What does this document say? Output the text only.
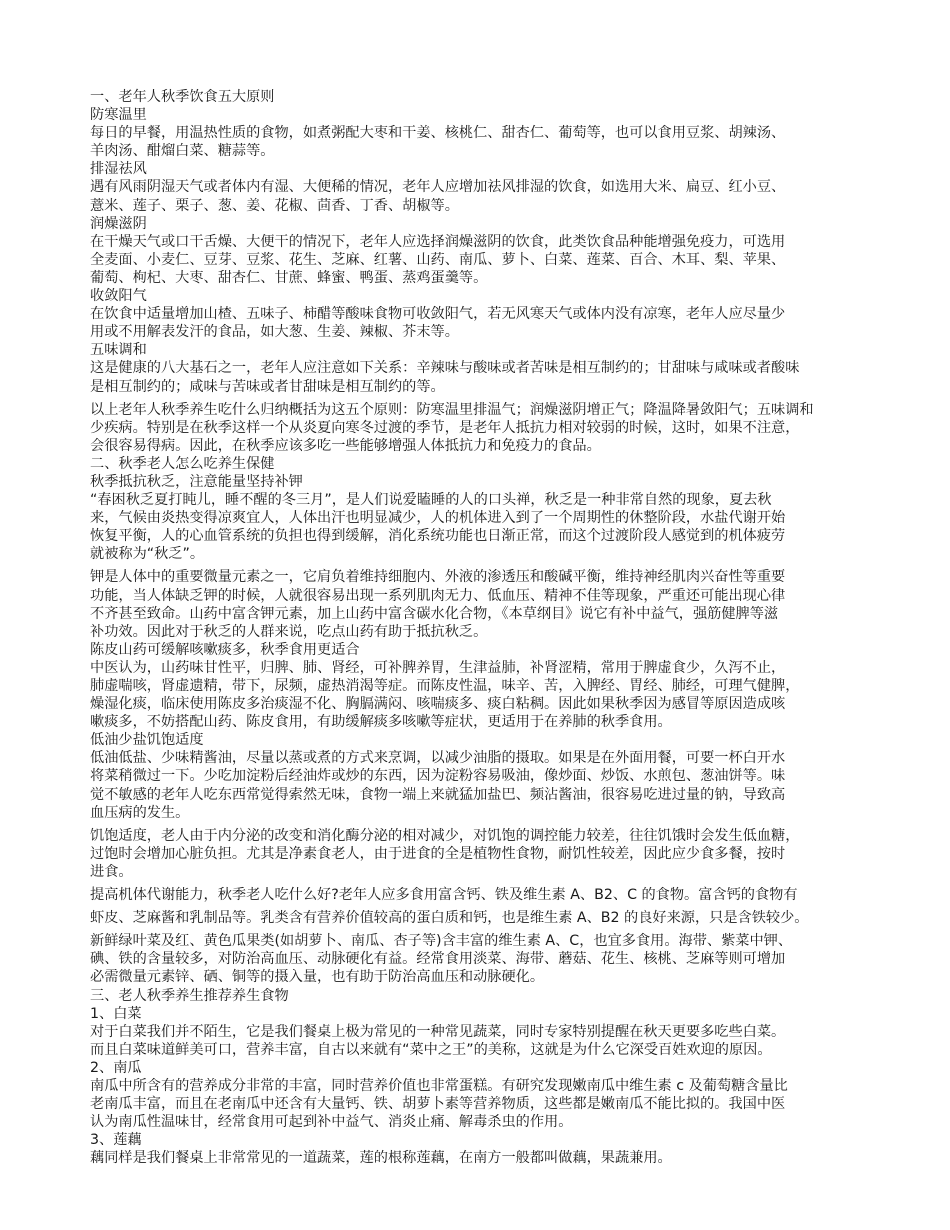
一、老年人秋季饮食五大原则
防寒温里
每日的早餐，用温热性质的食物，如煮粥配大枣和干姜、核桃仁、甜杏仁、葡萄等，也可以食用豆浆、胡辣汤、
羊肉汤、酣熘白菜、糖蒜等。
排湿祛风
遇有风雨阴湿天气或者体内有湿、大便稀的情况，老年人应增加祛风排湿的饮食，如选用大米、扁豆、红小豆、
薏米、莲子、栗子、葱、姜、花椒、茴香、丁香、胡椒等。
润燥滋阴
在干燥天气或口干舌燥、大便干的情况下，老年人应选择润燥滋阴的饮食，此类饮食品种能增强免疫力，可选用
全麦面、小麦仁、豆芽、豆浆、花生、芝麻、红薯、山药、南瓜、萝卜、白菜、莲菜、百合、木耳、梨、苹果、
葡萄、枸杞、大枣、甜杏仁、甘蔗、蜂蜜、鸭蛋、蒸鸡蛋羹等。
收敛阳气
在饮食中适量增加山楂、五味子、柿醋等酸味食物可收敛阳气，若无风寒天气或体内没有凉寒，老年人应尽量少
用或不用解表发汗的食品，如大葱、生姜、辣椒、芥末等。
五味调和
这是健康的八大基石之一，老年人应注意如下关系：辛辣味与酸味或者苦味是相互制约的；甘甜味与咸味或者酸味
是相互制约的；咸味与苦味或者甘甜味是相互制约的等。
以上老年人秋季养生吃什么归纳概括为这五个原则：防寒温里排温气；润燥滋阴增正气；降温降暑敛阳气；五味调和
少疾病。特别是在秋季这样一个从炎夏向寒冬过渡的季节，是老年人抵抗力相对较弱的时候，这时，如果不注意，
会很容易得病。因此，在秋季应该多吃一些能够增强人体抵抗力和免疫力的食品。
二、秋季老人怎么吃养生保健
秋季抵抗秋乏，注意能量坚持补钾
“春困秋乏夏打盹儿，睡不醒的冬三月”，是人们说爱瞌睡的人的口头禅，秋乏是一种非常自然的现象，夏去秋
来，气候由炎热变得凉爽宜人，人体出汗也明显减少，人的机体进入到了一个周期性的休整阶段，水盐代谢开始
恢复平衡，人的心血管系统的负担也得到缓解，消化系统功能也日渐正常，而这个过渡阶段人感觉到的机体疲劳
就被称为“秋乏”。
钾是人体中的重要微量元素之一，它肩负着维持细胞内、外液的渗透压和酸碱平衡，维持神经肌肉兴奋性等重要
功能，当人体缺乏钾的时候，人就很容易出现一系列肌肉无力、低血压、精神不佳等现象，严重还可能出现心律
不齐甚至致命。山药中富含钾元素，加上山药中富含碳水化合物，《本草纲目》说它有补中益气，强筋健脾等滋
补功效。因此对于秋乏的人群来说，吃点山药有助于抵抗秋乏。
陈皮山药可缓解咳嗽痰多，秋季食用更适合
中医认为，山药味甘性平，归脾、肺、肾经，可补脾养胃，生津益肺，补肾涩精，常用于脾虚食少，久泻不止，
肺虚喘咳，肾虚遗精，带下，尿频，虚热消渴等症。而陈皮性温，味辛、苦，入脾经、胃经、肺经，可理气健脾，
燥湿化痰，临床使用陈皮多治痰湿不化、胸膈满闷、咳喘痰多、痰白粘稠。因此如果秋季因为感冒等原因造成咳
嗽痰多，不妨搭配山药、陈皮食用，有助缓解痰多咳嗽等症状，更适用于在养肺的秋季食用。
低油少盐饥饱适度
低油低盐、少味精酱油，尽量以蒸或煮的方式来烹调，以减少油脂的摄取。如果是在外面用餐，可要一杯白开水
将菜稍微过一下。少吃加淀粉后经油炸或炒的东西，因为淀粉容易吸油，像炒面、炒饭、水煎包、葱油饼等。味
觉不敏感的老年人吃东西常觉得索然无味，食物一端上来就猛加盐巴、频沾酱油，很容易吃进过量的钠，导致高
血压病的发生。
饥饱适度，老人由于内分泌的改变和消化酶分泌的相对减少，对饥饱的调控能力较差，往往饥饿时会发生低血糖，
过饱时会增加心脏负担。尤其是净素食老人，由于进食的全是植物性食物，耐饥性较差，因此应少食多餐，按时
进食。
提高机体代谢能力，秋季老人吃什么好?老年人应多食用富含钙、铁及维生素 A、B2、C 的食物。富含钙的食物有
虾皮、芝麻酱和乳制品等。乳类含有营养价值较高的蛋白质和钙，也是维生素 A、B2 的良好来源，只是含铁较少。
新鲜绿叶菜及红、黄色瓜果类(如胡萝卜、南瓜、杏子等)含丰富的维生素 A、C，也宜多食用。海带、紫菜中钾、
碘、铁的含量较多，对防治高血压、动脉硬化有益。经常食用淡菜、海带、蘑菇、花生、核桃、芝麻等则可增加
必需微量元素锌、硒、铜等的摄入量，也有助于防治高血压和动脉硬化。
三、老人秋季养生推荐养生食物
1、白菜
对于白菜我们并不陌生，它是我们餐桌上极为常见的一种常见蔬菜，同时专家特别提醒在秋天更要多吃些白菜。
而且白菜味道鲜美可口，营养丰富，自古以来就有“菜中之王”的美称，这就是为什么它深受百姓欢迎的原因。
2、南瓜
南瓜中所含有的营养成分非常的丰富，同时营养价值也非常蛋糕。有研究发现嫩南瓜中维生素 c 及葡萄糖含量比
老南瓜丰富，而且在老南瓜中还含有大量钙、铁、胡萝卜素等营养物质，这些都是嫩南瓜不能比拟的。我国中医
认为南瓜性温味甘，经常食用可起到补中益气、消炎止痛、解毒杀虫的作用。
3、莲藕
藕同样是我们餐桌上非常常见的一道蔬菜，莲的根称莲藕，在南方一般都叫做藕，果蔬兼用。
